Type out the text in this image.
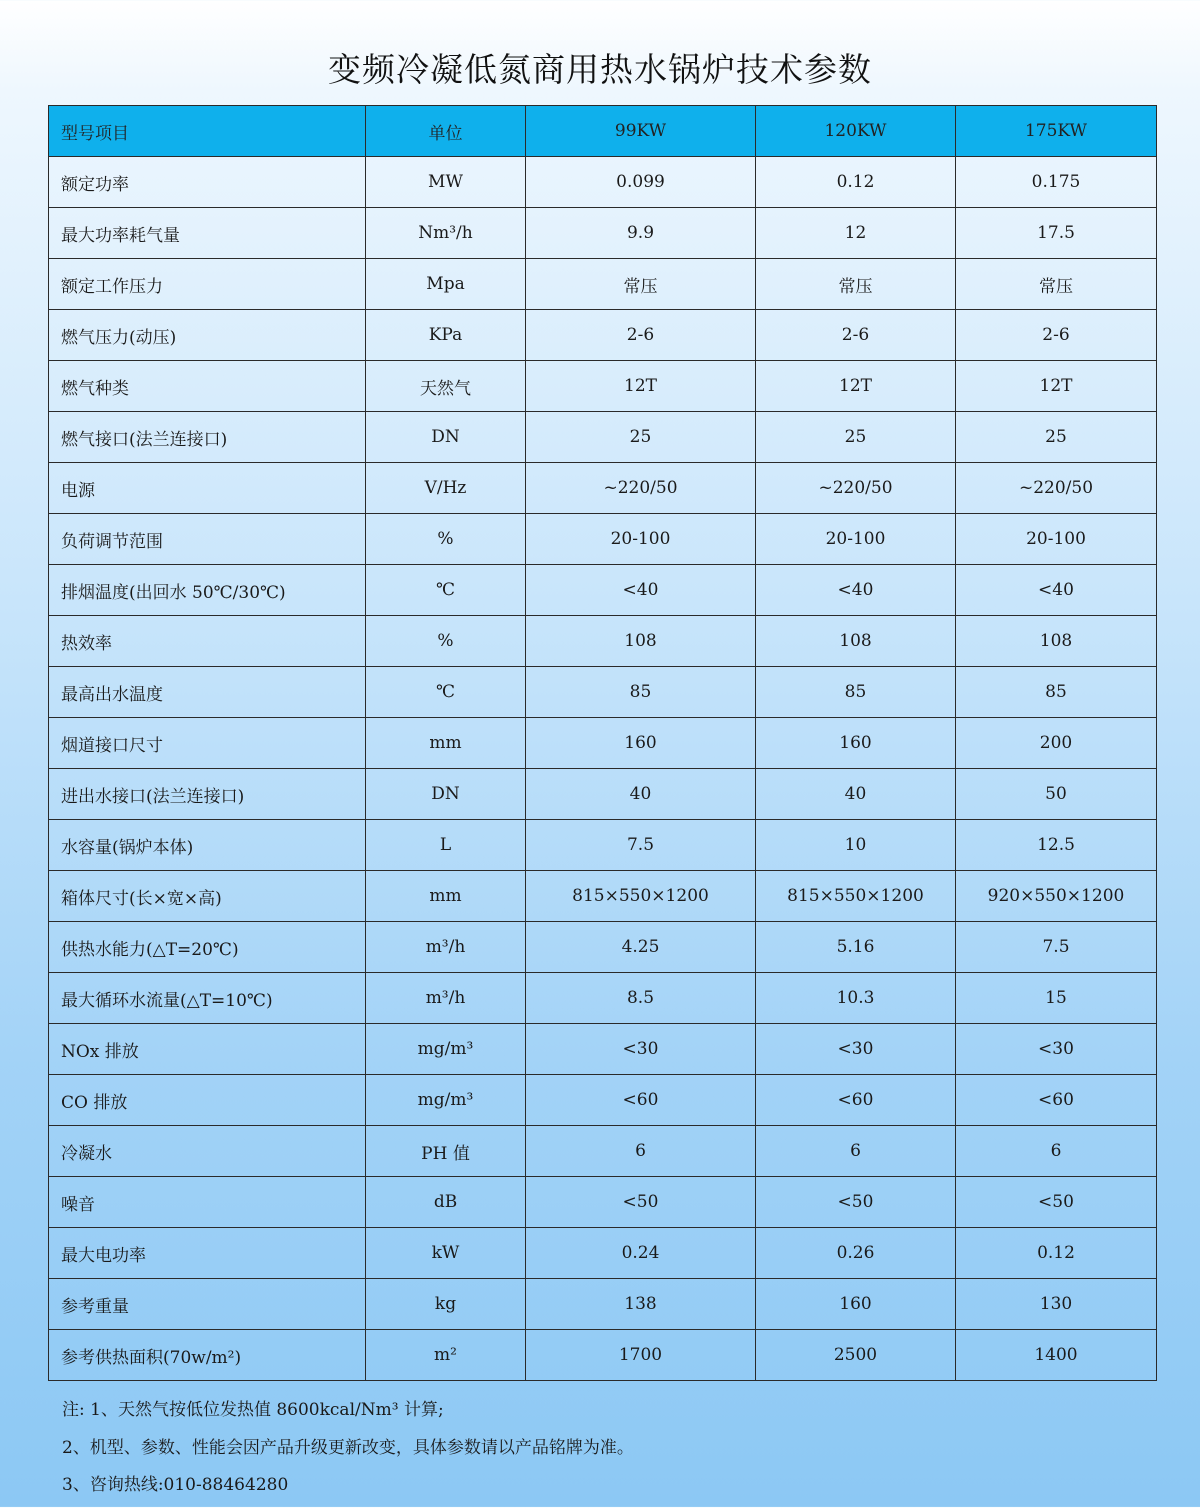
变频冷凝低氮商用热水锅炉技术参数
型号项目	单位	99KW	120KW	175KW
额定功率	MW	0.099	0.12	0.175
最大功率耗气量	Nm³/h	9.9	12	17.5
额定工作压力	Mpa	常压	常压	常压
燃气压力(动压)	KPa	2-6	2-6	2-6
燃气种类	天然气	12T	12T	12T
燃气接口(法兰连接口)	DN	25	25	25
电源	V/Hz	~220/50	~220/50	~220/50
负荷调节范围	%	20-100	20-100	20-100
排烟温度(出回水 50℃/30℃)	℃	<40	<40	<40
热效率	%	108	108	108
最高出水温度	℃	85	85	85
烟道接口尺寸	mm	160	160	200
进出水接口(法兰连接口)	DN	40	40	50
水容量(锅炉本体)	L	7.5	10	12.5
箱体尺寸(长×宽×高)	mm	815×550×1200	815×550×1200	920×550×1200
供热水能力(△T=20℃)	m³/h	4.25	5.16	7.5
最大循环水流量(△T=10℃)	m³/h	8.5	10.3	15
NOx 排放	mg/m³	<30	<30	<30
CO 排放	mg/m³	<60	<60	<60
冷凝水	PH 值	6	6	6
噪音	dB	<50	<50	<50
最大电功率	kW	0.24	0.26	0.12
参考重量	kg	138	160	130
参考供热面积(70w/m²)	m²	1700	2500	1400
注: 1、天然气按低位发热值 8600kcal/Nm³ 计算;
2、机型、参数、性能会因产品升级更新改变，具体参数请以产品铭牌为准。
3、咨询热线:010-88464280
